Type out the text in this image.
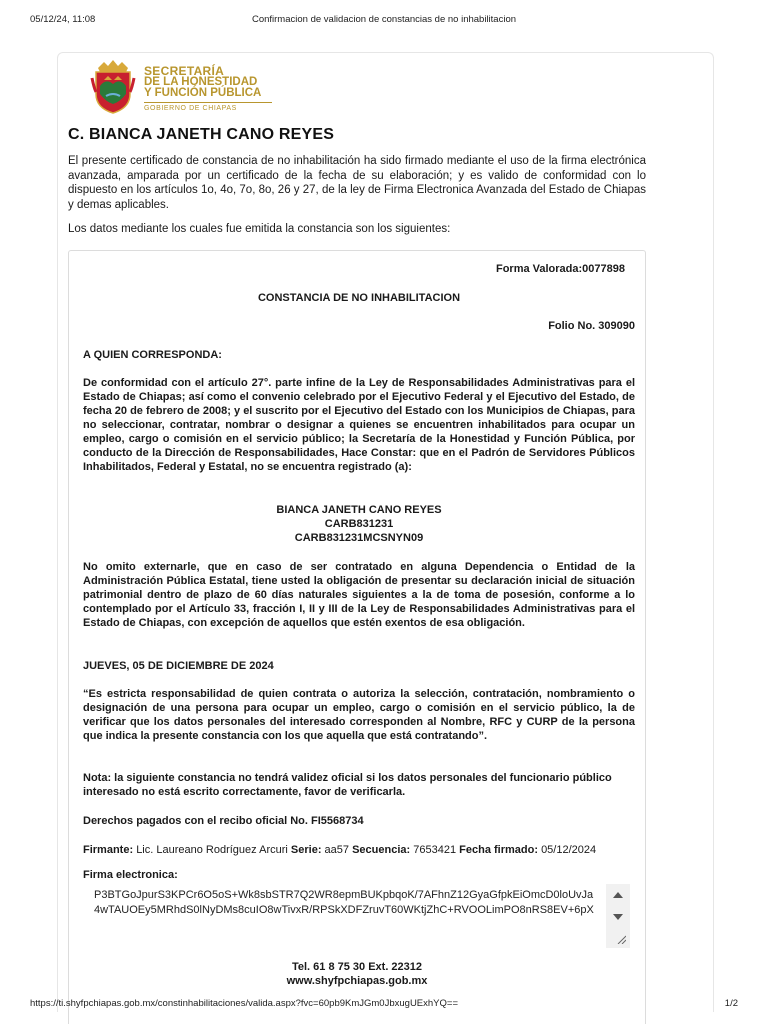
05/12/24, 11:08	Confirmacion de validacion de constancias de no inhabilitacion
SECRETARÍA
DE LA HONESTIDAD
Y FUNCIÓN PÚBLICA
GOBIERNO DE CHIAPAS
C. BIANCA JANETH CANO REYES
El presente certificado de constancia de no inhabilitación ha sido firmado mediante el uso de la firma electrónica avanzada, amparada por un certificado de la fecha de su elaboración; y es valido de conformidad con lo dispuesto en los artículos 1o, 4o, 7o, 8o, 26 y 27, de la ley de Firma Electronica Avanzada del Estado de Chiapas y demas aplicables.
Los datos mediante los cuales fue emitida la constancia son los siguientes:
Forma Valorada:0077898
CONSTANCIA DE NO INHABILITACION
Folio No. 309090
A QUIEN CORRESPONDA:
De conformidad con el artículo 27°. parte infine de la Ley de Responsabilidades Administrativas para el Estado de Chiapas; así como el convenio celebrado por el Ejecutivo Federal y el Ejecutivo del Estado, de fecha 20 de febrero de 2008; y el suscrito por el Ejecutivo del Estado con los Municipios de Chiapas, para no seleccionar, contratar, nombrar o designar a quienes se encuentren inhabilitados para ocupar un empleo, cargo o comisión en el servicio público; la Secretaría de la Honestidad y Función Pública, por conducto de la Dirección de Responsabilidades, Hace Constar: que en el Padrón de Servidores Públicos Inhabilitados, Federal y Estatal, no se encuentra registrado (a):
BIANCA JANETH CANO REYES
CARB831231
CARB831231MCSNYN09
No omito externarle, que en caso de ser contratado en alguna Dependencia o Entidad de la Administración Pública Estatal, tiene usted la obligación de presentar su declaración inicial de situación patrimonial dentro de plazo de 60 días naturales siguientes a la de toma de posesión, conforme a lo contemplado por el Artículo 33, fracción I, II y III de la Ley de Responsabilidades Administrativas para el Estado de Chiapas, con excepción de aquellos que estén exentos de esa obligación.
JUEVES, 05 DE DICIEMBRE DE 2024
“Es estricta responsabilidad de quien contrata o autoriza la selección, contratación, nombramiento o designación de una persona para ocupar un empleo, cargo o comisión en el servicio público, la de verificar que los datos personales del interesado corresponden al Nombre, RFC y CURP de la persona que indica la presente constancia con los que aquella que está contratando”.
Nota: la siguiente constancia no tendrá validez oficial si los datos personales del funcionario público interesado no está escrito correctamente, favor de verificarla.
Derechos pagados con el recibo oficial No. FI5568734
Firmante: Lic. Laureano Rodríguez Arcuri Serie: aa57 Secuencia: 7653421 Fecha firmado: 05/12/2024
Firma electronica:
P3BTGoJpurS3KPCr6O5oS+Wk8sbSTR7Q2WR8epmBUKpbqoK/7AFhnZ12GyaGfpkEiOmcD0loUvJa 4wTAUOEy5MRhdS0lNyDMs8cuIO8wTivxR/RPSkXDFZruvT60WKtjZhC+RVOOLimPO8nRS8EV+6pX
Tel. 61 8 75 30 Ext. 22312
www.shyfpchiapas.gob.mx
https://ti.shyfpchiapas.gob.mx/constinhabilitaciones/valida.aspx?fvc=60pb9KmJGm0JbxugUExhYQ==	1/2
